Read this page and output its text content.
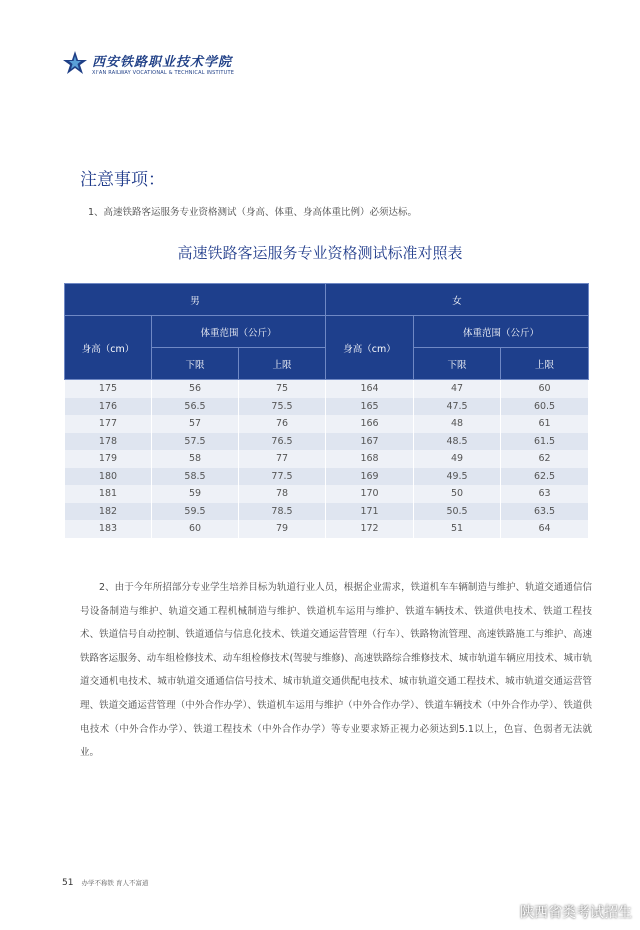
西安铁路职业技术学院
XI'AN RAILWAY VOCATIONAL & TECHNICAL INSTITUTE
注意事项：
1、高速铁路客运服务专业资格测试（身高、体重、身高体重比例）必须达标。
高速铁路客运服务专业资格测试标准对照表
男			女		
身高（cm）	体重范围（公斤）		身高（cm）	体重范围（公斤）	
	下限	上限		下限	上限
175	56	75	164	47	60
176	56.5	75.5	165	47.5	60.5
177	57	76	166	48	61
178	57.5	76.5	167	48.5	61.5
179	58	77	168	49	62
180	58.5	77.5	169	49.5	62.5
181	59	78	170	50	63
182	59.5	78.5	171	50.5	63.5
183	60	79	172	51	64
2、由于今年所招部分专业学生培养目标为轨道行业人员，根据企业需求，铁道机车车辆制造与维护、轨道交通通信信号设备制造与维护、轨道交通工程机械制造与维护、铁道机车运用与维护、铁道车辆技术、铁道供电技术、铁道工程技术、铁道信号自动控制、铁道通信与信息化技术、铁道交通运营管理（行车）、铁路物流管理、高速铁路施工与维护、高速铁路客运服务、动车组检修技术、动车组检修技术(驾驶与维修)、高速铁路综合维修技术、城市轨道车辆应用技术、城市轨道交通机电技术、城市轨道交通通信信号技术、城市轨道交通供配电技术、城市轨道交通工程技术、城市轨道交通运营管理、铁道交通运营管理（中外合作办学）、铁道机车运用与维护（中外合作办学）、铁道车辆技术（中外合作办学）、铁道供电技术（中外合作办学）、铁道工程技术（中外合作办学）等专业要求矫正视力必须达到5.1以上，色盲、色弱者无法就业。
51 办学不称铁 育人不富道
陕西省类考试招生
